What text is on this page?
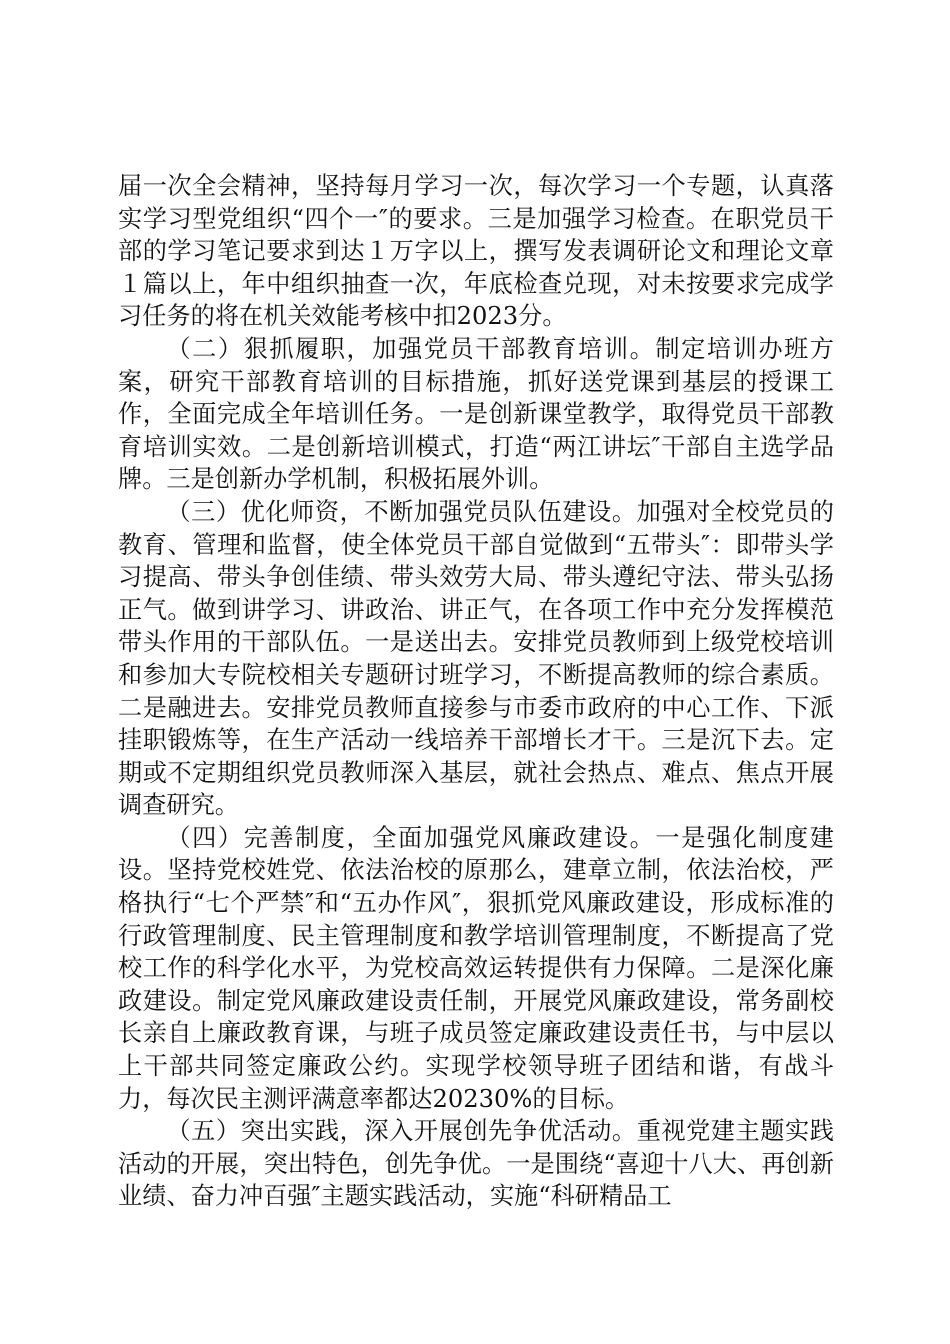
届一次全会精神，坚持每月学习一次，每次学习一个专题，认真落实学习型党组织“四个一″的要求。三是加强学习检查。在职党员干部的学习笔记要求到达１万字以上，撰写发表调研论文和理论文章１篇以上，年中组织抽查一次，年底检查兑现，对未按要求完成学习任务的将在机关效能考核中扣2023分。

（二）狠抓履职，加强党员干部教育培训。制定培训办班方案，研究干部教育培训的目标措施，抓好送党课到基层的授课工作，全面完成全年培训任务。一是创新课堂教学，取得党员干部教育培训实效。二是创新培训模式，打造“两江讲坛″干部自主选学品牌。三是创新办学机制，积极拓展外训。

（三）优化师资，不断加强党员队伍建设。加强对全校党员的教育、管理和监督，使全体党员干部自觉做到“五带头″：即带头学习提高、带头争创佳绩、带头效劳大局、带头遵纪守法、带头弘扬正气。做到讲学习、讲政治、讲正气，在各项工作中充分发挥模范带头作用的干部队伍。一是送出去。安排党员教师到上级党校培训和参加大专院校相关专题研讨班学习，不断提高教师的综合素质。二是融进去。安排党员教师直接参与市委市政府的中心工作、下派挂职锻炼等，在生产活动一线培养干部增长才干。三是沉下去。定期或不定期组织党员教师深入基层，就社会热点、难点、焦点开展调查研究。

（四）完善制度，全面加强党风廉政建设。一是强化制度建设。坚持党校姓党、依法治校的原那么，建章立制，依法治校，严格执行“七个严禁″和“五办作风″，狠抓党风廉政建设，形成标准的行政管理制度、民主管理制度和教学培训管理制度，不断提高了党校工作的科学化水平，为党校高效运转提供有力保障。二是深化廉政建设。制定党风廉政建设责任制，开展党风廉政建设，常务副校长亲自上廉政教育课，与班子成员签定廉政建设责任书，与中层以上干部共同签定廉政公约。实现学校领导班子团结和谐，有战斗力，每次民主测评满意率都达20230%的目标。

（五）突出实践，深入开展创先争优活动。重视党建主题实践活动的开展，突出特色，创先争优。一是围绕“喜迎十八大、再创新业绩、奋力冲百强″主题实践活动，实施“科研精品工
